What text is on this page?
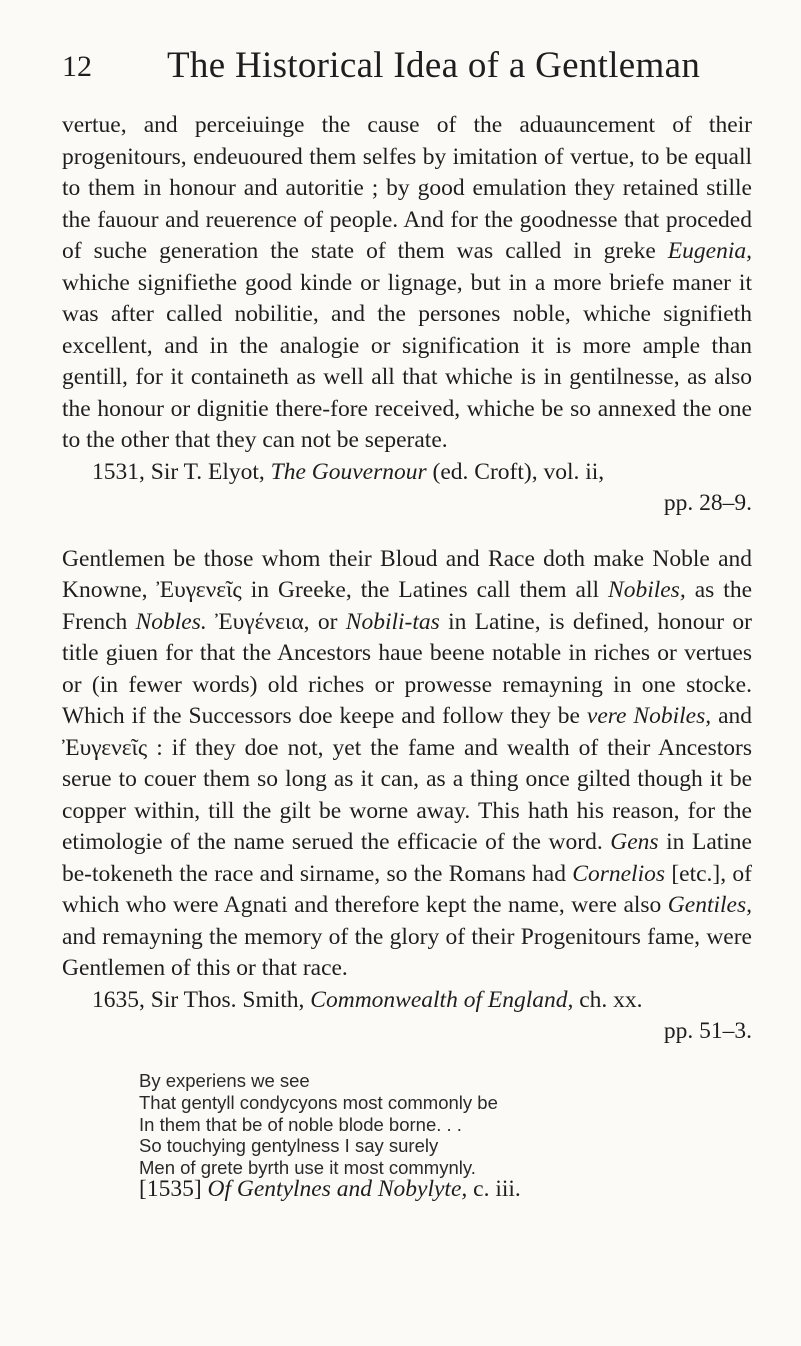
12 The Historical Idea of a Gentleman

vertue, and perceiuinge the cause of the aduauncement of their progenitours, endeuoured them selfes by imitation of vertue, to be equall to them in honour and autoritie ; by good emulation they retained stille the fauour and reuerence of people. And for the goodnesse that proceded of suche generation the state of them was called in greke Eugenia, whiche signifiethe good kinde or lignage, but in a more briefe maner it was after called nobilitie, and the persones noble, whiche signifieth excellent, and in the analogie or signification it is more ample than gentill, for it containeth as well all that whiche is in gentilnesse, as also the honour or dignitie there-fore received, whiche be so annexed the one to the other that they can not be seperate.

1531, Sir T. Elyot, The Gouvernour (ed. Croft), vol. ii,
pp. 28–9.

Gentlemen be those whom their Bloud and Race doth make Noble and Knowne, Ἐυγενεῖς in Greeke, the Latines call them all Nobiles, as the French Nobles. Ἐυγένεια, or Nobili-tas in Latine, is defined, honour or title giuen for that the Ancestors haue beene notable in riches or vertues or (in fewer words) old riches or prowesse remayning in one stocke. Which if the Successors doe keepe and follow they be vere Nobiles, and Ἐυγενεῖς : if they doe not, yet the fame and wealth of their Ancestors serue to couer them so long as it can, as a thing once gilted though it be copper within, till the gilt be worne away. This hath his reason, for the etimologie of the name serued the efficacie of the word. Gens in Latine be-tokeneth the race and sirname, so the Romans had Cornelios [etc.], of which who were Agnati and therefore kept the name, were also Gentiles, and remayning the memory of the glory of their Progenitours fame, were Gentlemen of this or that race.

1635, Sir Thos. Smith, Commonwealth of England, ch. xx.
pp. 51–3.
By experiens we see
That gentyll condycyons most commonly be
In them that be of noble blode borne. . .
So touchying gentylness I say surely
Men of grete byrth use it most commynly.
[1535] Of Gentylnes and Nobylyte, c. iii.
